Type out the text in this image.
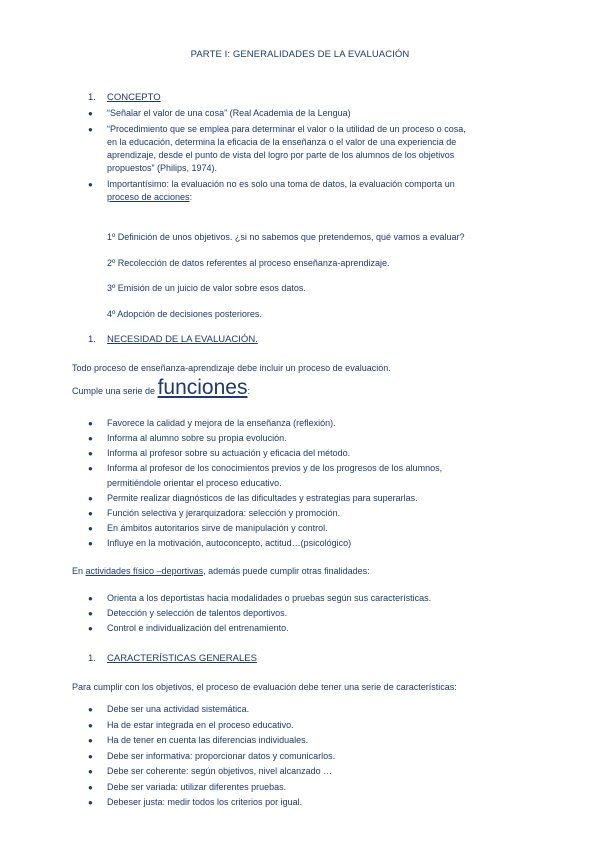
PARTE I: GENERALIDADES DE LA EVALUACIÓN
1. CONCEPTO
● “Señalar el valor de una cosa” (Real Academia de la Lengua)
● “Procedimiento que se emplea para determinar el valor o la utilidad de un proceso o cosa,
en la educación, determina la eficacia de la enseñanza o el valor de una experiencia de
aprendizaje, desde el punto de vista del logro por parte de los alumnos de los objetivos
propuestos” (Philips, 1974).
● Importantísimo: la evaluación no es solo una toma de datos, la evaluación comporta un
proceso de acciones:
1º Definición de unos objetivos. ¿si no sabemos que pretendemos, qué vamos a evaluar?
2º Recolección de datos referentes al proceso enseñanza-aprendizaje.
3º Emisión de un juicio de valor sobre esos datos.
4º Adopción de decisiones posteriores.
1. NECESIDAD DE LA EVALUACIÓN.
Todo proceso de enseñanza-aprendizaje debe incluir un proceso de evaluación.
Cumple una serie de funciones:
● Favorece la calidad y mejora de la enseñanza (reflexión).
● Informa al alumno sobre su propia evolución.
● Informa al profesor sobre su actuación y eficacia del método.
● Informa al profesor de los conocimientos previos y de los progresos de los alumnos,
permitiéndole orientar el proceso educativo.
● Permite realizar diagnósticos de las dificultades y estrategias para superarlas.
● Función selectiva y jerarquizadora: selección y promoción.
● En ámbitos autoritarios sirve de manipulación y control.
● Influye en la motivación, autoconcepto, actitud…(psicológico)
En actividades físico –deportivas, además puede cumplir otras finalidades:
● Orienta a los deportistas hacia modalidades o pruebas según sus características.
● Detección y selección de talentos deportivos.
● Control e individualización del entrenamiento.
1. CARACTERÍSTICAS GENERALES
Para cumplir con los objetivos, el proceso de evaluación debe tener una serie de características:
● Debe ser una actividad sistemática.
● Ha de estar integrada en el proceso educativo.
● Ha de tener en cuenta las diferencias individuales.
● Debe ser informativa: proporcionar datos y comunicarlos.
● Debe ser coherente: según objetivos, nivel alcanzado …
● Debe ser variada: utilizar diferentes pruebas.
● Debeser justa: medir todos los criterios por igual.
